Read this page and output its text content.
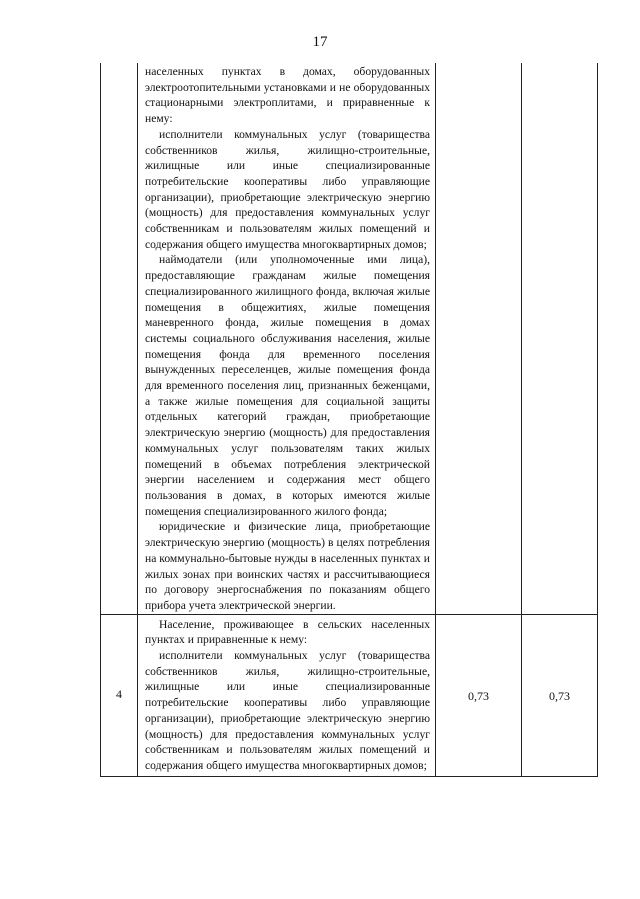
17

	населенных пунктах в домах, оборудованных электроотопительными установками и не оборудованных стационарными электроплитами, и приравненные к нему:

исполнители коммунальных услуг (товарищества собственников жилья, жилищно-строительные, жилищные или иные специализированные потребительские кооперативы либо управляющие организации), приобретающие электрическую энергию (мощность) для предоставления коммунальных услуг собственникам и пользователям жилых помещений и содержания общего имущества многоквартирных домов;

наймодатели (или уполномоченные ими лица), предоставляющие гражданам жилые помещения специализированного жилищного фонда, включая жилые помещения в общежитиях, жилые помещения маневренного фонда, жилые помещения в домах системы социального обслуживания населения, жилые помещения фонда для временного поселения вынужденных переселенцев, жилые помещения фонда для временного поселения лиц, признанных беженцами, а также жилые помещения для социальной защиты отдельных категорий граждан, приобретающие электрическую энергию (мощность) для предоставления коммунальных услуг пользователям таких жилых помещений в объемах потребления электрической энергии населением и содержания мест общего пользования в домах, в которых имеются жилые помещения специализированного жилого фонда;

юридические и физические лица, приобретающие электрическую энергию (мощность) в целях потребления на коммунально-бытовые нужды в населенных пунктах и жилых зонах при воинских частях и рассчитывающиеся по договору энергоснабжения по показаниям общего прибора учета электрической энергии.		

4	Население, проживающее в сельских населенных пунктах и приравненные к нему:

исполнители коммунальных услуг (товарищества собственников жилья, жилищно-строительные, жилищные или иные специализированные потребительские кооперативы либо управляющие организации), приобретающие электрическую энергию (мощность) для предоставления коммунальных услуг собственникам и пользователям жилых помещений и содержания общего имущества многоквартирных домов;	0,73	0,73
